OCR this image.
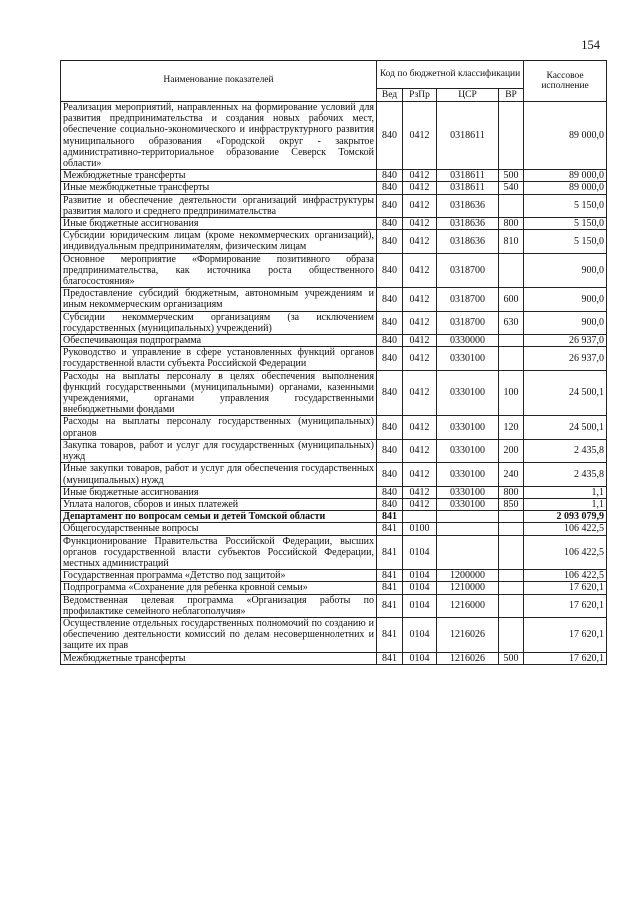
154
Наименование показателей	Код по бюджетной классификации				Кассовое исполнение
	Вед	РзПр	ЦСР	ВР	
Реализация мероприятий, направленных на формирование условий для развития предпринимательства и создания новых рабочих мест, обеспечение социально-экономического и инфраструктурного развития муниципального образования «Городской округ - закрытое административно-территориальное образование Северск Томской области»	840	0412	0318611		89 000,0
Межбюджетные трансферты	840	0412	0318611	500	89 000,0
Иные межбюджетные трансферты	840	0412	0318611	540	89 000,0
Развитие и обеспечение деятельности организаций инфраструктуры развития малого и среднего предпринимательства	840	0412	0318636		5 150,0
Иные бюджетные ассигнования	840	0412	0318636	800	5 150,0
Субсидии юридическим лицам (кроме некоммерческих организаций), индивидуальным предпринимателям, физическим лицам	840	0412	0318636	810	5 150,0
Основное мероприятие «Формирование позитивного образа предпринимательства, как источника роста общественного благосостояния»	840	0412	0318700		900,0
Предоставление субсидий бюджетным, автономным учреждениям и иным некоммерческим организациям	840	0412	0318700	600	900,0
Субсидии некоммерческим организациям (за исключением государственных (муниципальных) учреждений)	840	0412	0318700	630	900,0
Обеспечивающая подпрограмма	840	0412	0330000		26 937,0
Руководство и управление в сфере установленных функций органов государственной власти субъекта Российской Федерации	840	0412	0330100		26 937,0
Расходы на выплаты персоналу в целях обеспечения выполнения функций государственными (муниципальными) органами, казенными учреждениями, органами управления государственными внебюджетными фондами	840	0412	0330100	100	24 500,1
Расходы на выплаты персоналу государственных (муниципальных) органов	840	0412	0330100	120	24 500,1
Закупка товаров, работ и услуг для государственных (муниципальных) нужд	840	0412	0330100	200	2 435,8
Иные закупки товаров, работ и услуг для обеспечения государственных (муниципальных) нужд	840	0412	0330100	240	2 435,8
Иные бюджетные ассигнования	840	0412	0330100	800	1,1
Уплата налогов, сборов и иных платежей	840	0412	0330100	850	1,1
Департамент по вопросам семьи и детей Томской области	841				2 093 079,9
Общегосударственные вопросы	841	0100			106 422,5
Функционирование Правительства Российской Федерации, высших органов государственной власти субъектов Российской Федерации, местных администраций	841	0104			106 422,5
Государственная программа «Детство под защитой»	841	0104	1200000		106 422,5
Подпрограмма «Сохранение для ребенка кровной семьи»	841	0104	1210000		17 620,1
Ведомственная целевая программа «Организация работы по профилактике семейного неблагополучия»	841	0104	1216000		17 620,1
Осуществление отдельных государственных полномочий по созданию и обеспечению деятельности комиссий по делам несовершеннолетних и защите их прав	841	0104	1216026		17 620,1
Межбюджетные трансферты	841	0104	1216026	500	17 620,1
